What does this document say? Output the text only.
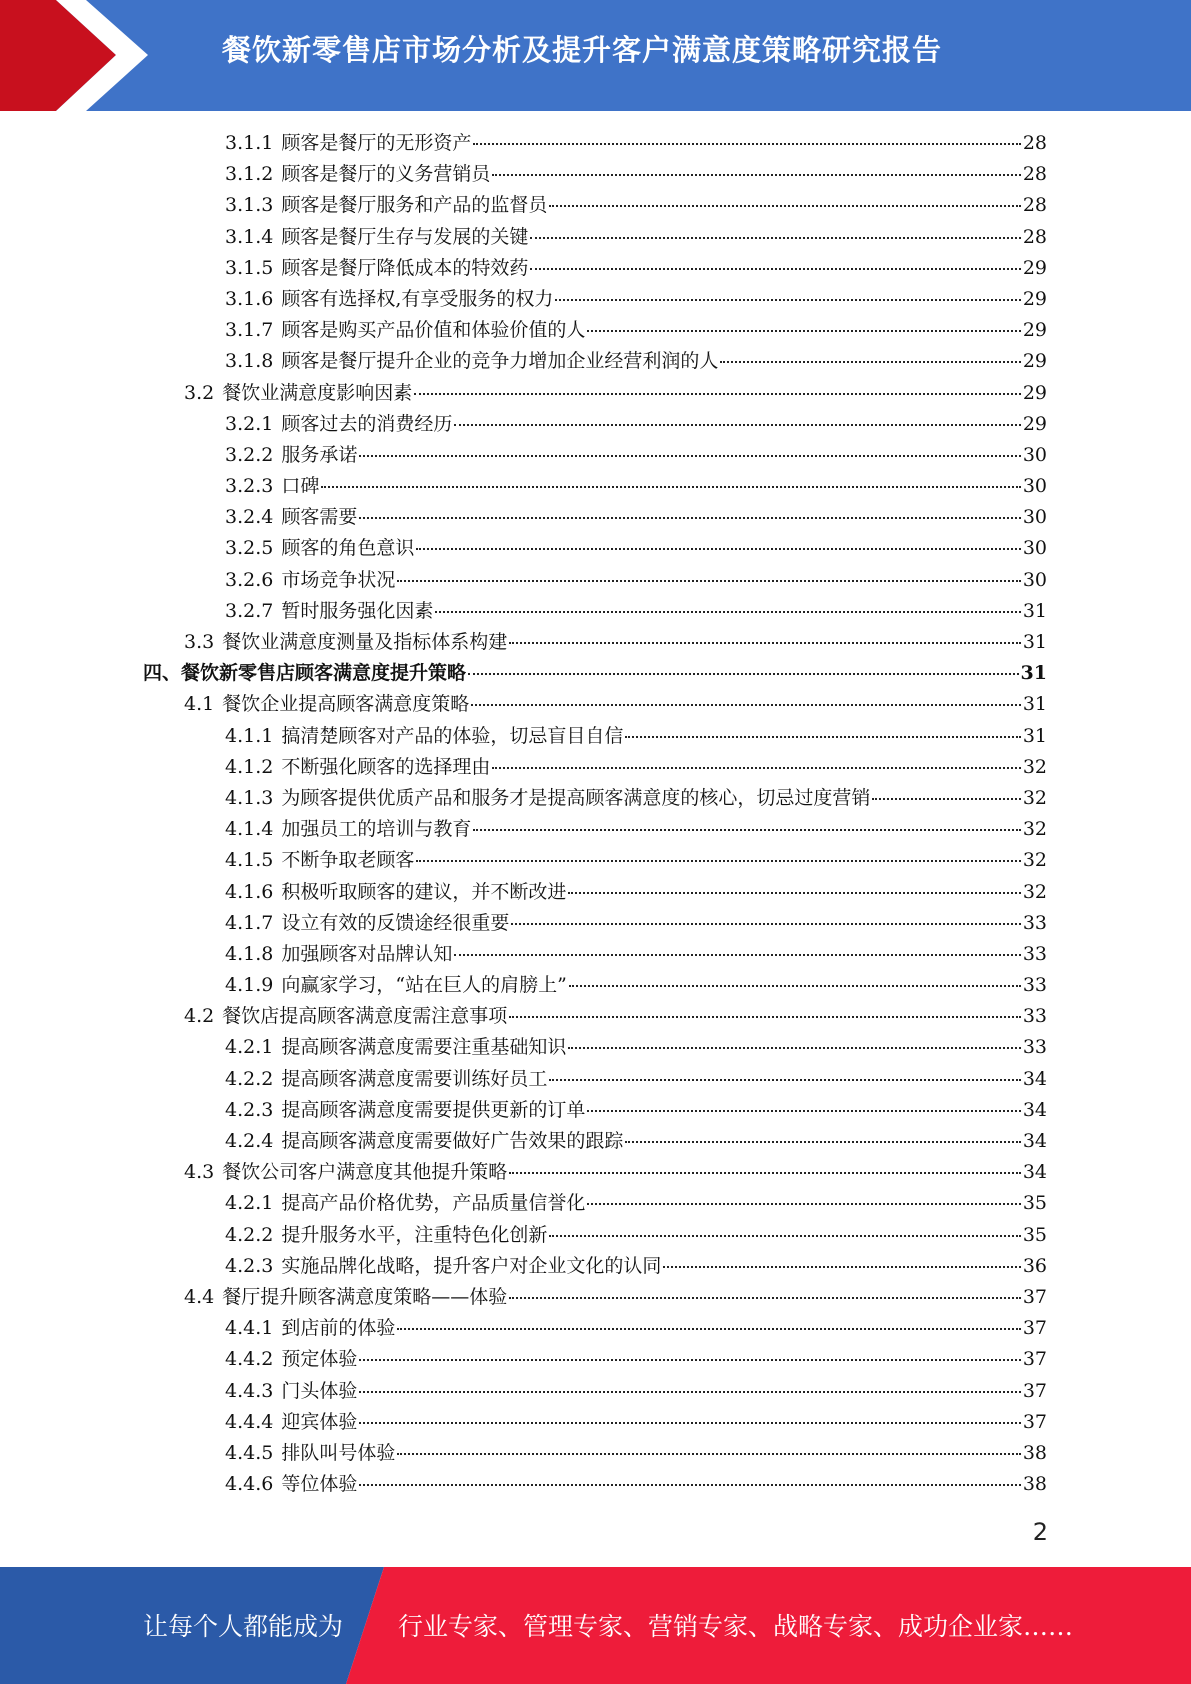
餐饮新零售店市场分析及提升客户满意度策略研究报告
3.1.1 顾客是餐厅的无形资产	28
3.1.2 顾客是餐厅的义务营销员	28
3.1.3 顾客是餐厅服务和产品的监督员	28
3.1.4 顾客是餐厅生存与发展的关键	28
3.1.5 顾客是餐厅降低成本的特效药	29
3.1.6 顾客有选择权,有享受服务的权力	29
3.1.7 顾客是购买产品价值和体验价值的人	29
3.1.8 顾客是餐厅提升企业的竞争力增加企业经营利润的人	29
3.2 餐饮业满意度影响因素	29
3.2.1 顾客过去的消费经历	29
3.2.2 服务承诺	30
3.2.3 口碑	30
3.2.4 顾客需要	30
3.2.5 顾客的角色意识	30
3.2.6 市场竞争状况	30
3.2.7 暂时服务强化因素	31
3.3 餐饮业满意度测量及指标体系构建	31
四、 餐饮新零售店顾客满意度提升策略	31
4.1 餐饮企业提高顾客满意度策略	31
4.1.1 搞清楚顾客对产品的体验，切忌盲目自信	31
4.1.2 不断强化顾客的选择理由	32
4.1.3 为顾客提供优质产品和服务才是提高顾客满意度的核心，切忌过度营销	32
4.1.4 加强员工的培训与教育	32
4.1.5 不断争取老顾客	32
4.1.6 积极听取顾客的建议，并不断改进	32
4.1.7 设立有效的反馈途经很重要	33
4.1.8 加强顾客对品牌认知	33
4.1.9 向赢家学习，“站在巨人的肩膀上”	33
4.2 餐饮店提高顾客满意度需注意事项	33
4.2.1 提高顾客满意度需要注重基础知识	33
4.2.2 提高顾客满意度需要训练好员工	34
4.2.3 提高顾客满意度需要提供更新的订单	34
4.2.4 提高顾客满意度需要做好广告效果的跟踪	34
4.3 餐饮公司客户满意度其他提升策略	34
4.2.1 提高产品价格优势，产品质量信誉化	35
4.2.2 提升服务水平，注重特色化创新	35
4.2.3 实施品牌化战略，提升客户对企业文化的认同	36
4.4 餐厅提升顾客满意度策略——体验	37
4.4.1 到店前的体验	37
4.4.2 预定体验	37
4.4.3 门头体验	37
4.4.4 迎宾体验	37
4.4.5 排队叫号体验	38
4.4.6 等位体验	38
2
让每个人都能成为 行业专家、管理专家、营销专家、战略专家、成功企业家……
